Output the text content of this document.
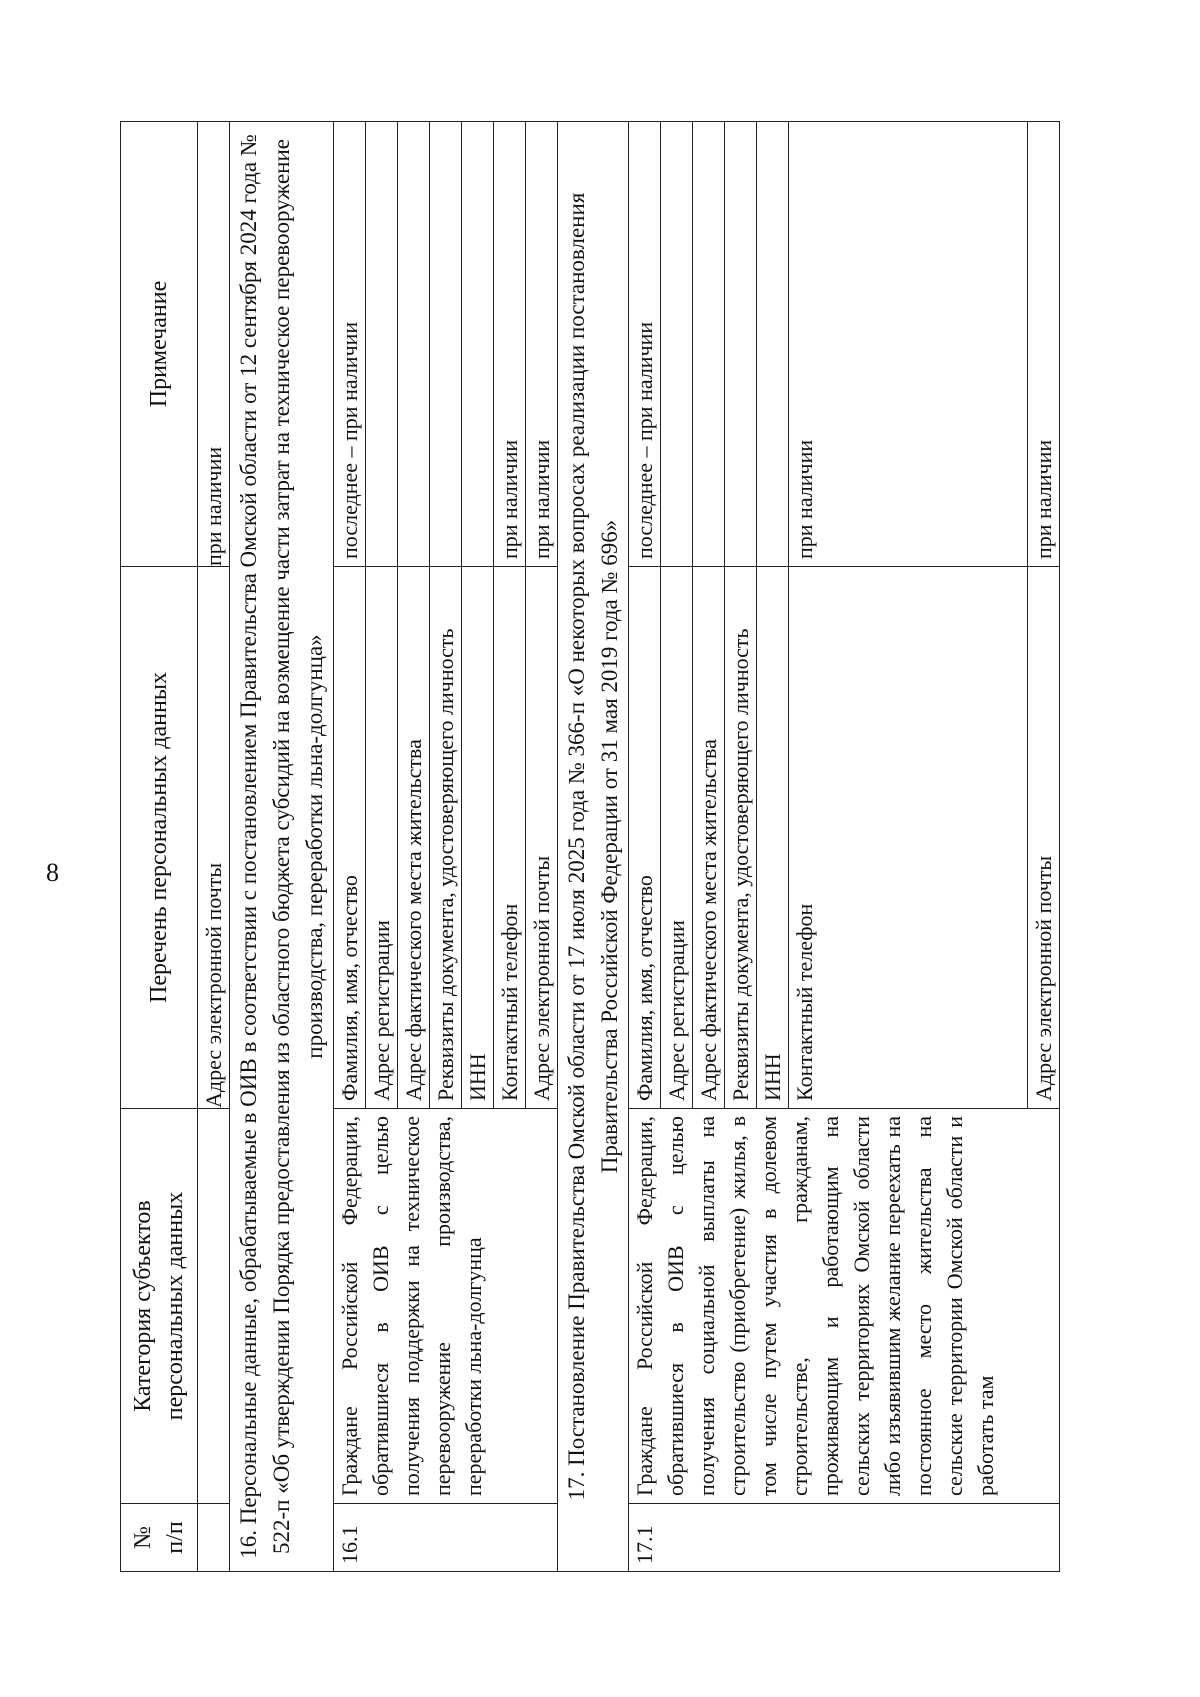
8
№ п/п	Категория субъектов персональных данных	Перечень персональных данных	Примечание
		Адрес электронной почты	при наличии
16. Персональные данные, обрабатываемые в ОИВ в соответствии с постановлением Правительства Омской области от 12 сентября 2024 года № 522-п «Об утверждении Порядка предоставления из областного бюджета субсидий на возмещение части затрат на техническое перевооружение производства, переработки льна-долгунца»			
16.1	Граждане Российской Федерации, обратившиеся в ОИВ с целью получения поддержки на техническое перевооружение производства, переработки льна-долгунца	Фамилия, имя, отчество	последнее – при наличии
		Адрес регистрации	
		Адрес фактического места жительства	
		Реквизиты документа, удостоверяющего личность	
		ИНН	
		Контактный телефон	при наличии
		Адрес электронной почты	при наличии
17. Постановление Правительства Омской области от 17 июля 2025 года № 366-п «О некоторых вопросах реализации постановления Правительства Российской Федерации от 31 мая 2019 года № 696»			
17.1	Граждане Российской Федерации, обратившиеся в ОИВ с целью получения социальной выплаты на строительство (приобретение) жилья, в том числе путем участия в долевом строительстве, гражданам, проживающим и работающим на сельских территориях Омской области либо изъявившим желание переехать на постоянное место жительства на сельские территории Омской области и работать там	Фамилия, имя, отчество	последнее – при наличии
		Адрес регистрации	
		Адрес фактического места жительства	
		Реквизиты документа, удостоверяющего личность	
		ИНН	
		Контактный телефон	при наличии
		Адрес электронной почты	при наличии
